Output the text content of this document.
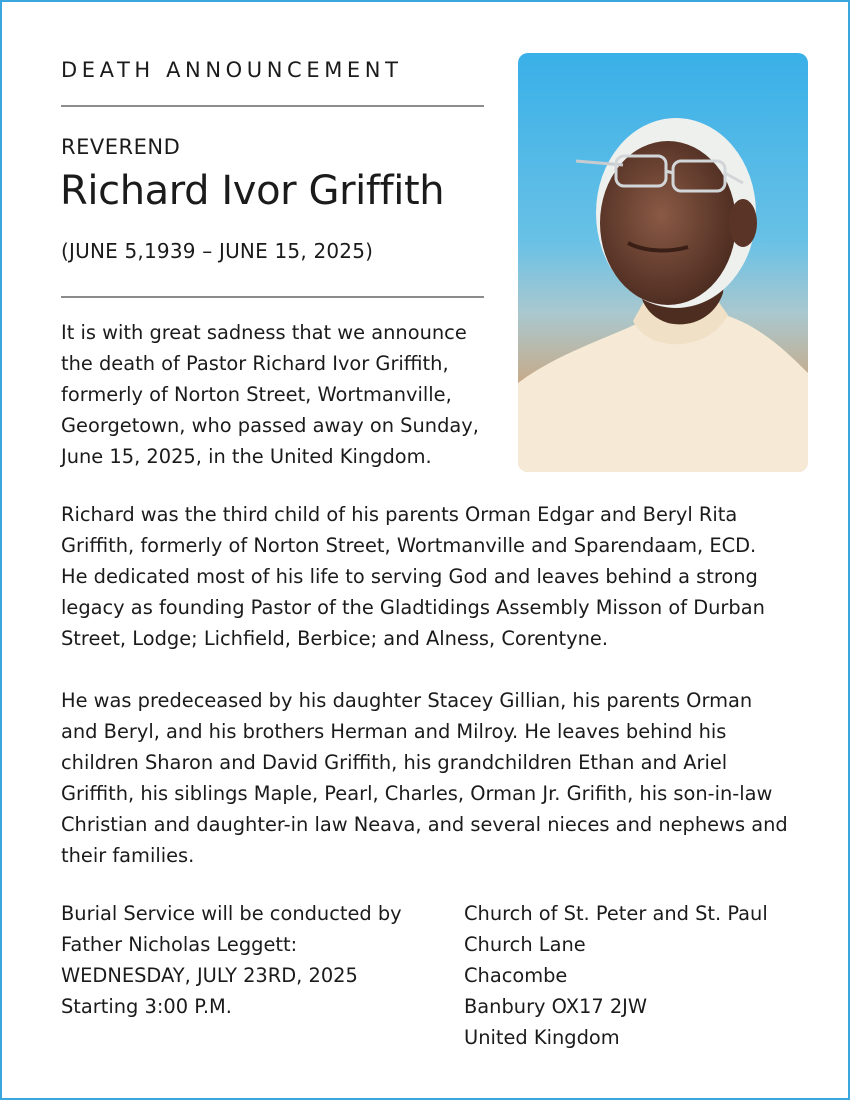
DEATH ANNOUNCEMENT
REVEREND
Richard Ivor Griffith
(JUNE 5,1939 – JUNE 15, 2025)
It is with great sadness that we announce
the death of Pastor Richard Ivor Griffith,
formerly of Norton Street, Wortmanville,
Georgetown, who passed away on Sunday,
June 15, 2025, in the United Kingdom.
Richard was the third child of his parents Orman Edgar and Beryl Rita
Griffith, formerly of Norton Street, Wortmanville and Sparendaam, ECD.
He dedicated most of his life to serving God and leaves behind a strong
legacy as founding Pastor of the Gladtidings Assembly Misson of Durban
Street, Lodge; Lichfield, Berbice; and Alness, Corentyne.
He was predeceased by his daughter Stacey Gillian, his parents Orman
and Beryl, and his brothers Herman and Milroy. He leaves behind his
children Sharon and David Griffith, his grandchildren Ethan and Ariel
Griffith, his siblings Maple, Pearl, Charles, Orman Jr. Grifith, his son-in-law
Christian and daughter-in law Neava, and several nieces and nephews and
their families.
Burial Service will be conducted by
Father Nicholas Leggett:
WEDNESDAY, JULY 23RD, 2025
Starting 3:00 P.M.
Church of St. Peter and St. Paul
Church Lane
Chacombe
Banbury OX17 2JW
United Kingdom
